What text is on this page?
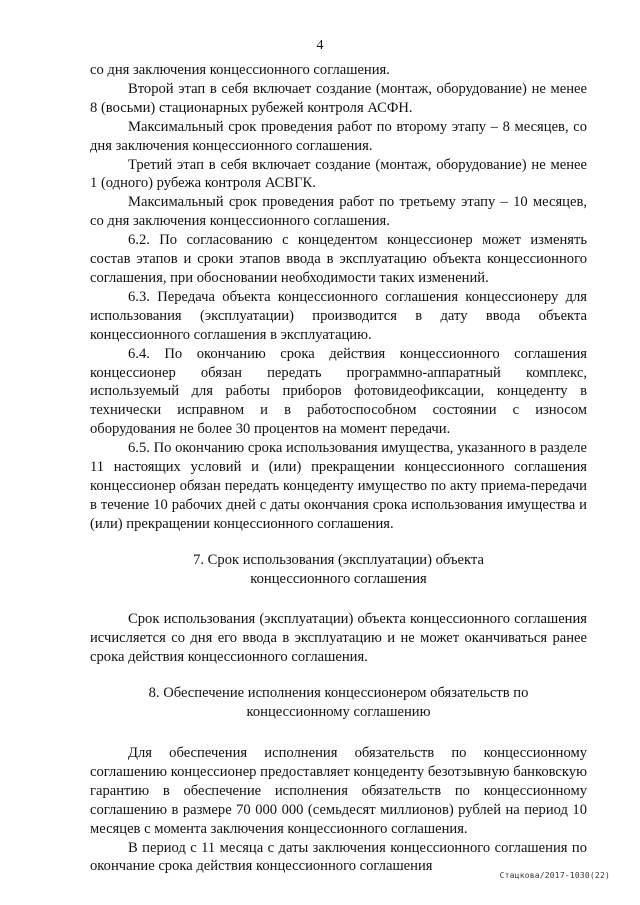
4

со дня заключения концессионного соглашения.

Второй этап в себя включает создание (монтаж, оборудование) не менее 8 (восьми) стационарных рубежей контроля АСФН.

Максимальный срок проведения работ по второму этапу – 8 месяцев, со дня заключения концессионного соглашения.

Третий этап в себя включает создание (монтаж, оборудование) не менее 1 (одного) рубежа контроля АСВГК.

Максимальный срок проведения работ по третьему этапу – 10 месяцев, со дня заключения концессионного соглашения.

6.2. По согласованию с концедентом концессионер может изменять состав этапов и сроки этапов ввода в эксплуатацию объекта концессионного соглашения, при обосновании необходимости таких изменений.

6.3. Передача объекта концессионного соглашения концессионеру для использования (эксплуатации) производится в дату ввода объекта концессионного соглашения в эксплуатацию.

6.4. По окончанию срока действия концессионного соглашения концессионер обязан передать программно-аппаратный комплекс, используемый для работы приборов фотовидеофиксации, концеденту в технически исправном и в работоспособном состоянии с износом оборудования не более 30 процентов на момент передачи.

6.5. По окончанию срока использования имущества, указанного в разделе 11 настоящих условий и (или) прекращении концессионного соглашения концессионер обязан передать концеденту имущество по акту приема-передачи в течение 10 рабочих дней с даты окончания срока использования имущества и (или) прекращении концессионного соглашения.

7. Срок использования (эксплуатации) объекта
концессионного соглашения

Срок использования (эксплуатации) объекта концессионного соглашения исчисляется со дня его ввода в эксплуатацию и не может оканчиваться ранее срока действия концессионного соглашения.

8. Обеспечение исполнения концессионером обязательств по
концессионному соглашению

Для обеспечения исполнения обязательств по концессионному соглашению концессионер предоставляет концеденту безотзывную банковскую гарантию в обеспечение исполнения обязательств по концессионному соглашению в размере 70 000 000 (семьдесят миллионов) рублей на период 10 месяцев с момента заключения концессионного соглашения.

В период с 11 месяца с даты заключения концессионного соглашения по окончание срока действия концессионного соглашения

Стацкова/2017-1030(22)
